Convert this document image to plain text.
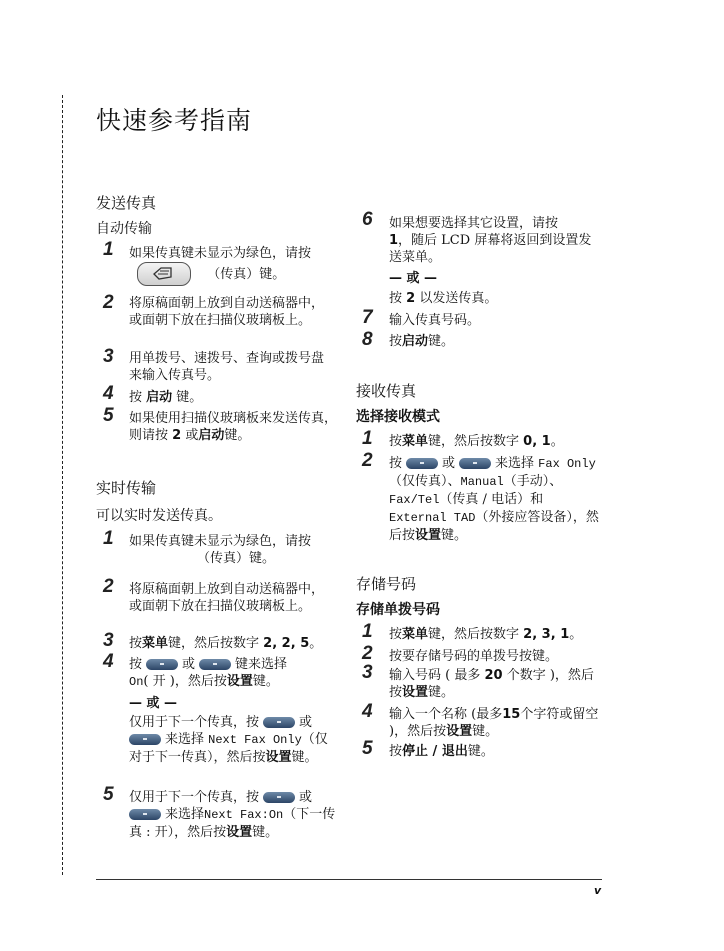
快速参考指南
发送传真
自动传输
1 如果传真键未显示为绿色，请按

（传真）键。
2 将原稿面朝上放到自动送稿器中，或面朝下放在扫描仪玻璃板上。
3 用单拨号、速拨号、查询或拨号盘来输入传真号。
4 按 启动 键。
5 如果使用扫描仪玻璃板来发送传真，则请按 2 或启动键。
实时传输
可以实时发送传真。
1 如果传真键未显示为绿色，请按
（传真）键。
2 将原稿面朝上放到自动送稿器中，或面朝下放在扫描仪玻璃板上。
3 按菜单键，然后按数字 2, 2, 5。
4 按	或	键来选择
On( 开 )，然后按设置键。
— 或 —
仅用于下一个传真，按	或
来选择 Next Fax Only（仅对于下一传真），然后按设置键。
5 仅用于下一个传真，按	或
来选择Next Fax:On（下一传真 : 开），然后按设置键。
6 如果想要选择其它设置，请按
1，随后 LCD 屏幕将返回到设置发送菜单。
— 或 —
按 2 以发送传真。
7 输入传真号码。
8 按启动键。
接收传真
选择接收模式
1 按菜单键，然后按数字 0, 1。
2 按	或	来选择 Fax Only（仅传真）、Manual（手动）、Fax/Tel（传真 / 电话）和 External TAD（外接应答设备），然后按设置键。
存储号码
存储单拨号码
1 按菜单键，然后按数字 2, 3, 1。
2 按要存储号码的单拨号按键。
3 输入号码 ( 最多 20 个数字 )，然后按设置键。
4 输入一个名称 (最多15个字符或留空 )，然后按设置键。
5 按停止 / 退出键。
v
